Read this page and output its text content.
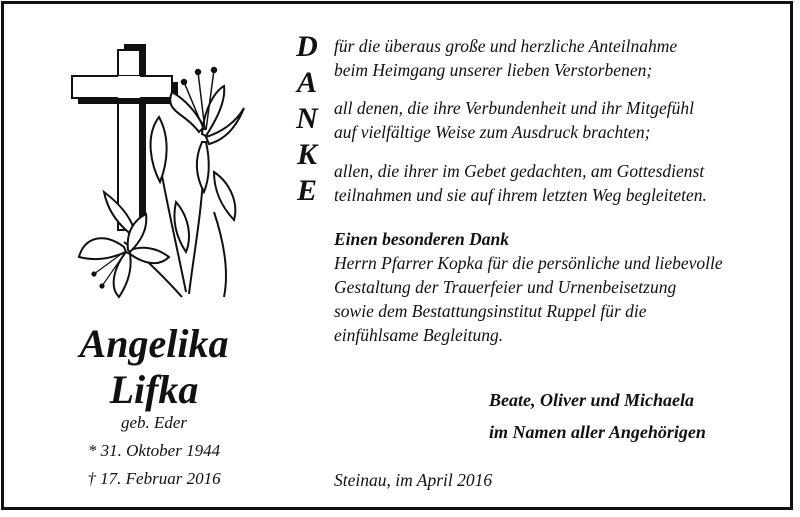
Angelika
Lifka
geb. Eder
* 31. Oktober 1944
† 17. Februar 2016
D
A
N
K
E
für die überaus große und herzliche Anteilnahme
beim Heimgang unserer lieben Verstorbenen;
all denen, die ihre Verbundenheit und ihr Mitgefühl
auf vielfältige Weise zum Ausdruck brachten;
allen, die ihrer im Gebet gedachten, am Gottesdienst
teilnahmen und sie auf ihrem letzten Weg begleiteten.
Einen besonderen Dank
Herrn Pfarrer Kopka für die persönliche und liebevolle
Gestaltung der Trauerfeier und Urnenbeisetzung
sowie dem Bestattungsinstitut Ruppel für die
einfühlsame Begleitung.
Beate, Oliver und Michaela
im Namen aller Angehörigen
Steinau, im April 2016
